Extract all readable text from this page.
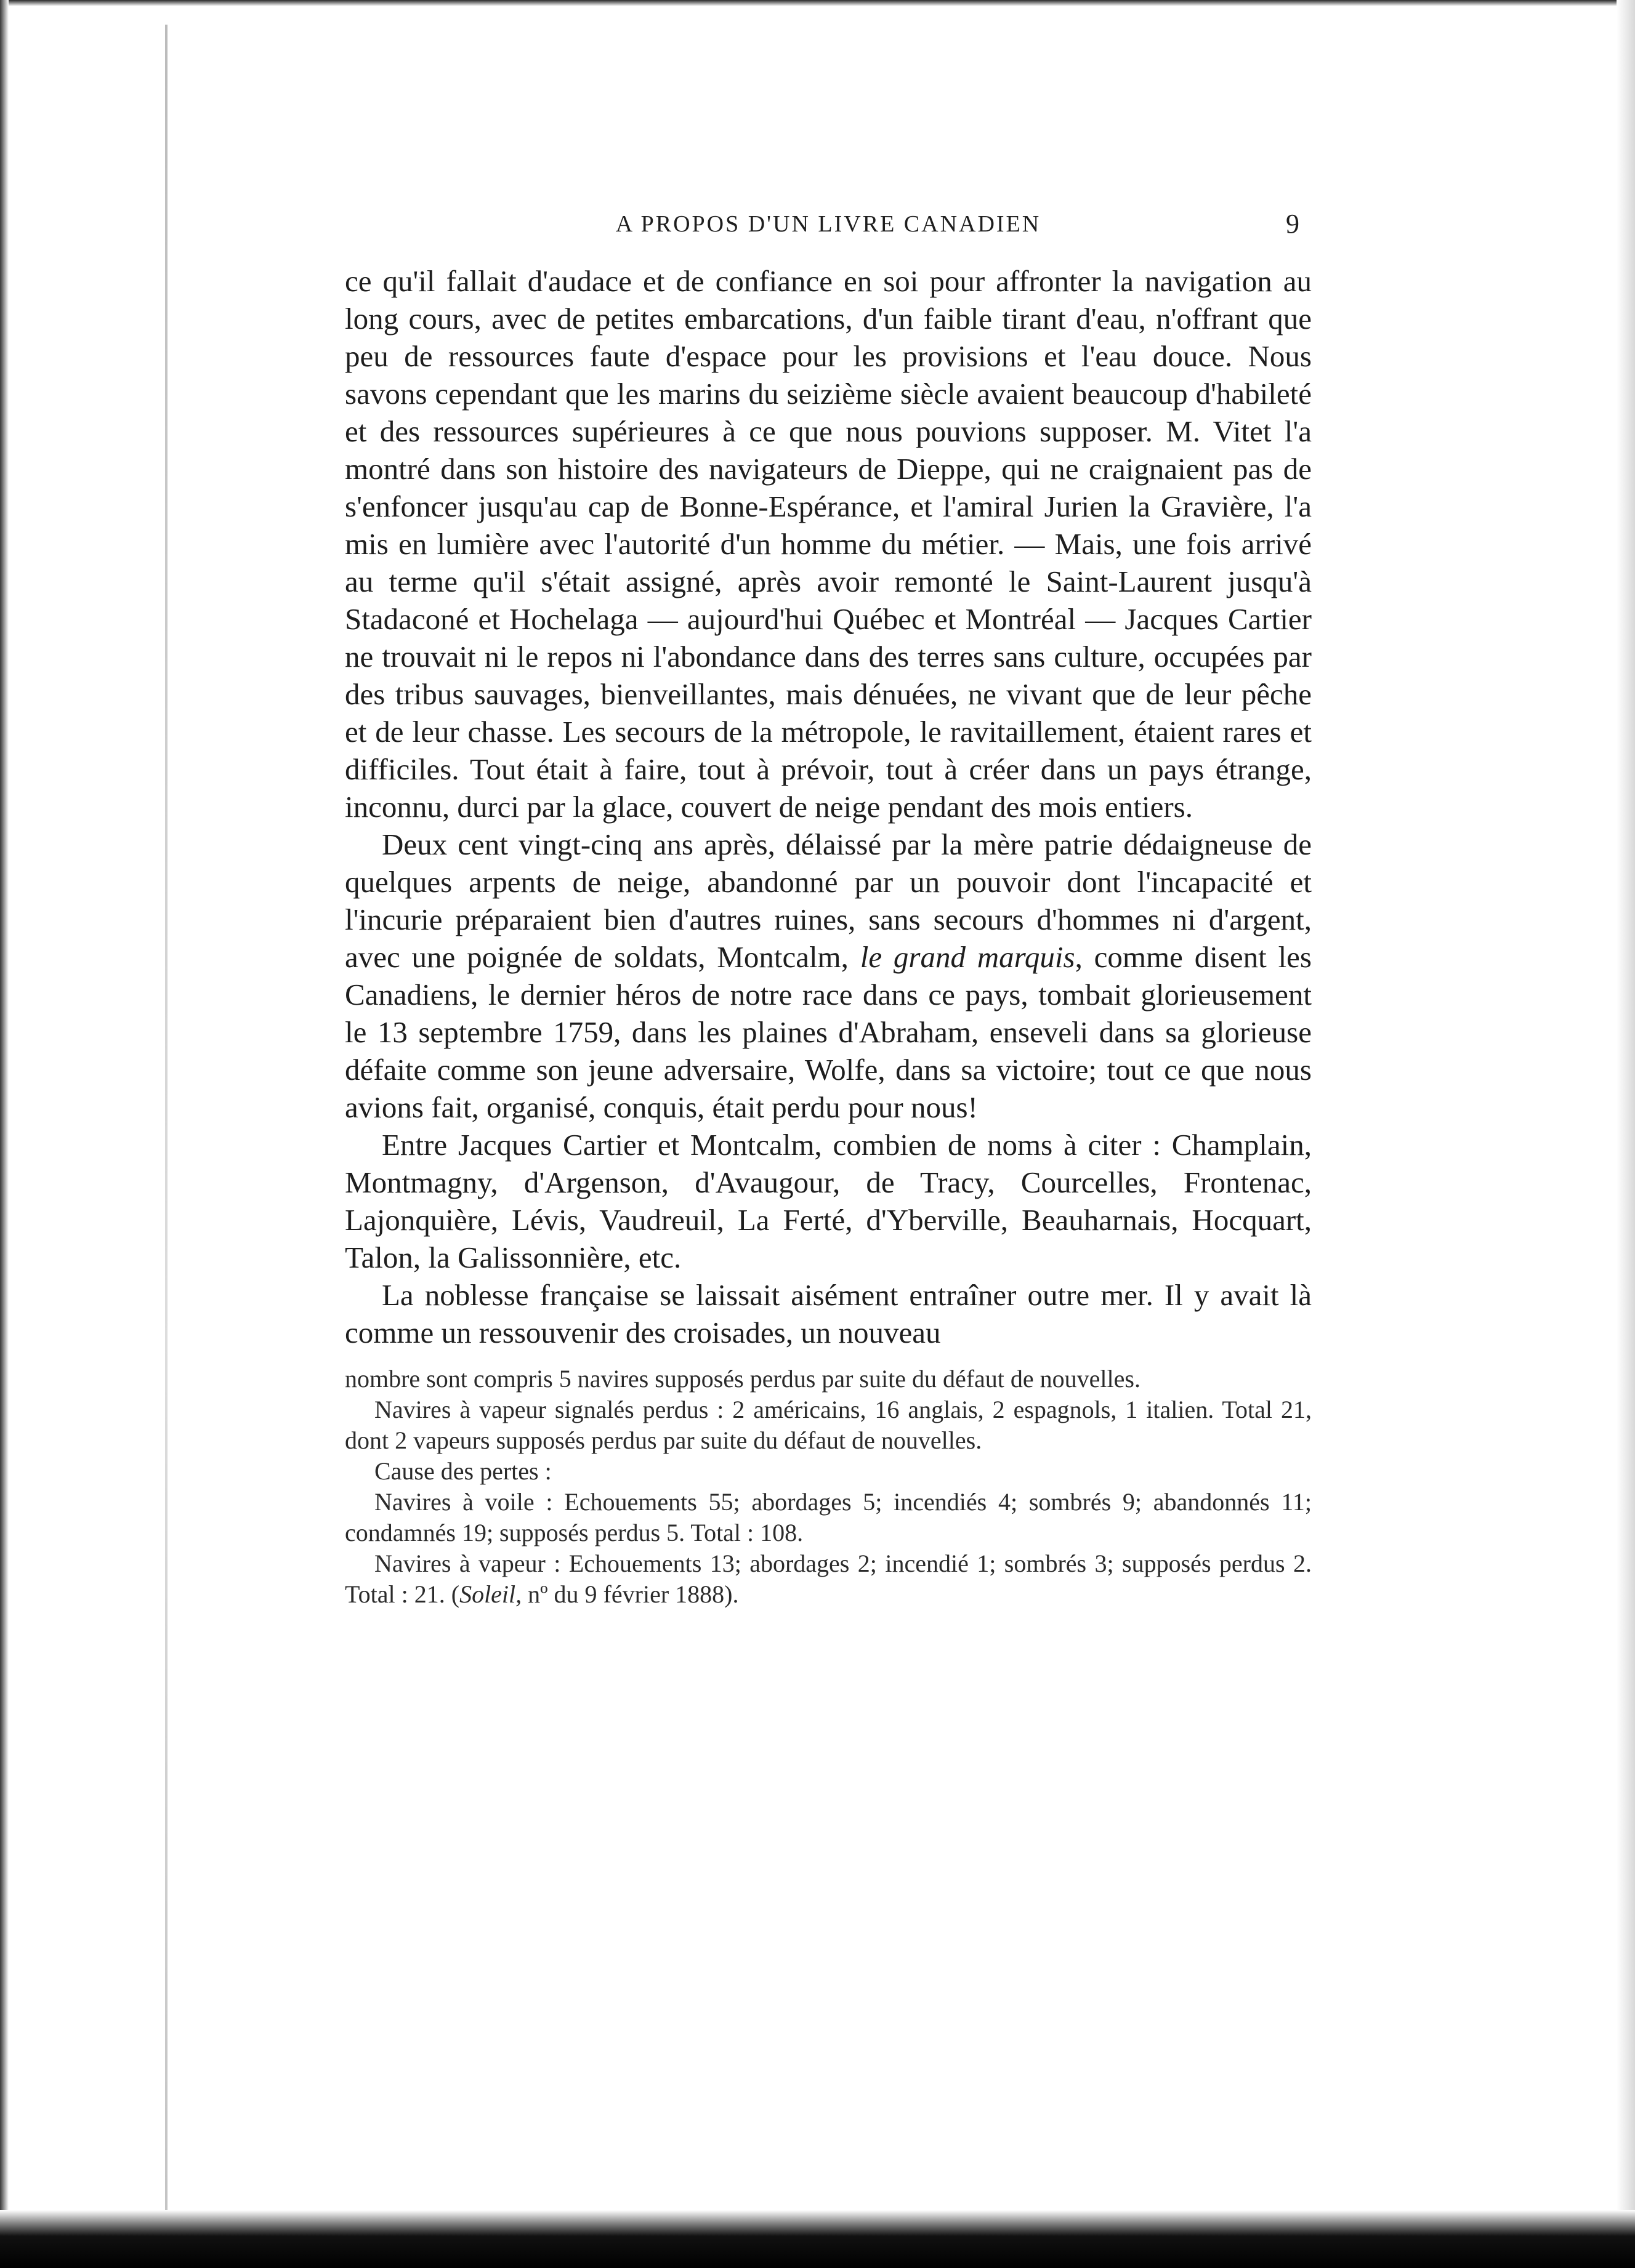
A PROPOS D'UN LIVRE CANADIEN	9

ce qu'il fallait d'audace et de confiance en soi pour affronter la navigation au long cours, avec de petites embarcations, d'un faible tirant d'eau, n'offrant que peu de ressources faute d'espace pour les provisions et l'eau douce. Nous savons cependant que les marins du seizième siècle avaient beaucoup d'habileté et des ressources supérieures à ce que nous pouvions supposer. M. Vitet l'a montré dans son histoire des navigateurs de Dieppe, qui ne craignaient pas de s'enfoncer jusqu'au cap de Bonne-Espérance, et l'amiral Jurien la Gravière, l'a mis en lumière avec l'autorité d'un homme du métier. — Mais, une fois arrivé au terme qu'il s'était assigné, après avoir remonté le Saint-Laurent jusqu'à Stadaconé et Hochelaga — aujourd'hui Québec et Montréal — Jacques Cartier ne trouvait ni le repos ni l'abondance dans des terres sans culture, occupées par des tribus sauvages, bienveillantes, mais dénuées, ne vivant que de leur pêche et de leur chasse. Les secours de la métropole, le ravitaillement, étaient rares et difficiles. Tout était à faire, tout à prévoir, tout à créer dans un pays étrange, inconnu, durci par la glace, couvert de neige pendant des mois entiers.

Deux cent vingt-cinq ans après, délaissé par la mère patrie dédaigneuse de quelques arpents de neige, abandonné par un pouvoir dont l'incapacité et l'incurie préparaient bien d'autres ruines, sans secours d'hommes ni d'argent, avec une poignée de soldats, Montcalm, le grand marquis, comme disent les Canadiens, le dernier héros de notre race dans ce pays, tombait glorieusement le 13 septembre 1759, dans les plaines d'Abraham, enseveli dans sa glorieuse défaite comme son jeune adversaire, Wolfe, dans sa victoire; tout ce que nous avions fait, organisé, conquis, était perdu pour nous!

Entre Jacques Cartier et Montcalm, combien de noms à citer : Champlain, Montmagny, d'Argenson, d'Avaugour, de Tracy, Courcelles, Frontenac, Lajonquière, Lévis, Vaudreuil, La Ferté, d'Yberville, Beauharnais, Hocquart, Talon, la Galissonnière, etc.

La noblesse française se laissait aisément entraîner outre mer. Il y avait là comme un ressouvenir des croisades, un nouveau

nombre sont compris 5 navires supposés perdus par suite du défaut de nouvelles.

Navires à vapeur signalés perdus : 2 américains, 16 anglais, 2 espagnols, 1 italien. Total 21, dont 2 vapeurs supposés perdus par suite du défaut de nouvelles.

Cause des pertes :

Navires à voile : Echouements 55; abordages 5; incendiés 4; sombrés 9; abandonnés 11; condamnés 19; supposés perdus 5. Total : 108.

Navires à vapeur : Echouements 13; abordages 2; incendié 1; sombrés 3; supposés perdus 2. Total : 21. (Soleil, nº du 9 février 1888).
